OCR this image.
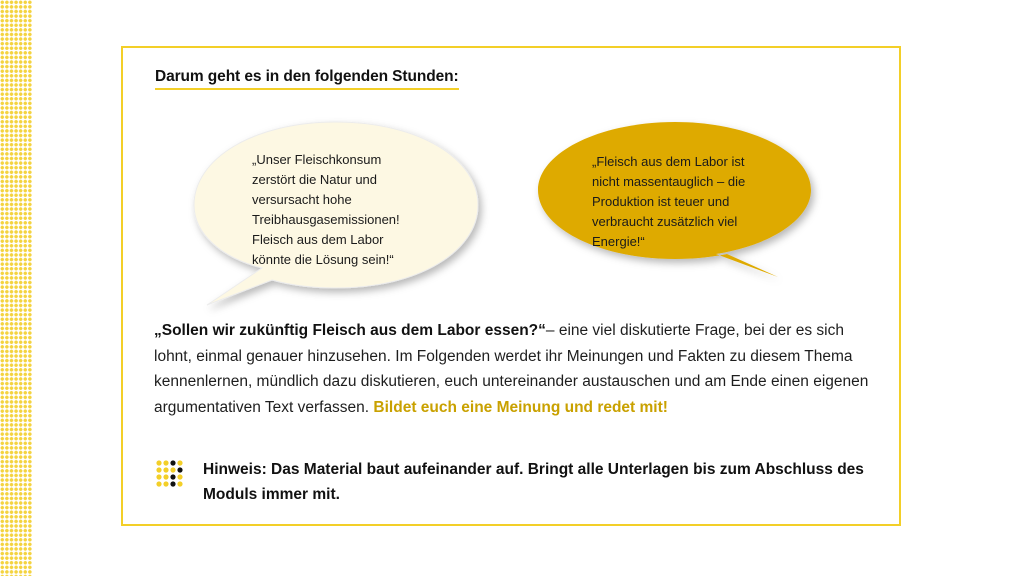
Darum geht es in den folgenden Stunden:

„Unser Fleischkonsum
zerstört die Natur und
versursacht hohe
Treibhausgasemissionen!
Fleisch aus dem Labor
könnte die Lösung sein!“

„Fleisch aus dem Labor ist
nicht massentauglich – die
Produktion ist teuer und
verbraucht zusätzlich viel
Energie!“

„Sollen wir zukünftig Fleisch aus dem Labor essen?“– eine viel diskutierte Frage, bei der es sich lohnt, einmal genauer hinzusehen. Im Folgenden werdet ihr Meinungen und Fakten zu diesem Thema kennenlernen, mündlich dazu diskutieren, euch untereinander austauschen und am Ende einen eigenen argumentativen Text verfassen. Bildet euch eine Meinung und redet mit!

Hinweis: Das Material baut aufeinander auf. Bringt alle Unterlagen bis zum Abschluss des Moduls immer mit.
